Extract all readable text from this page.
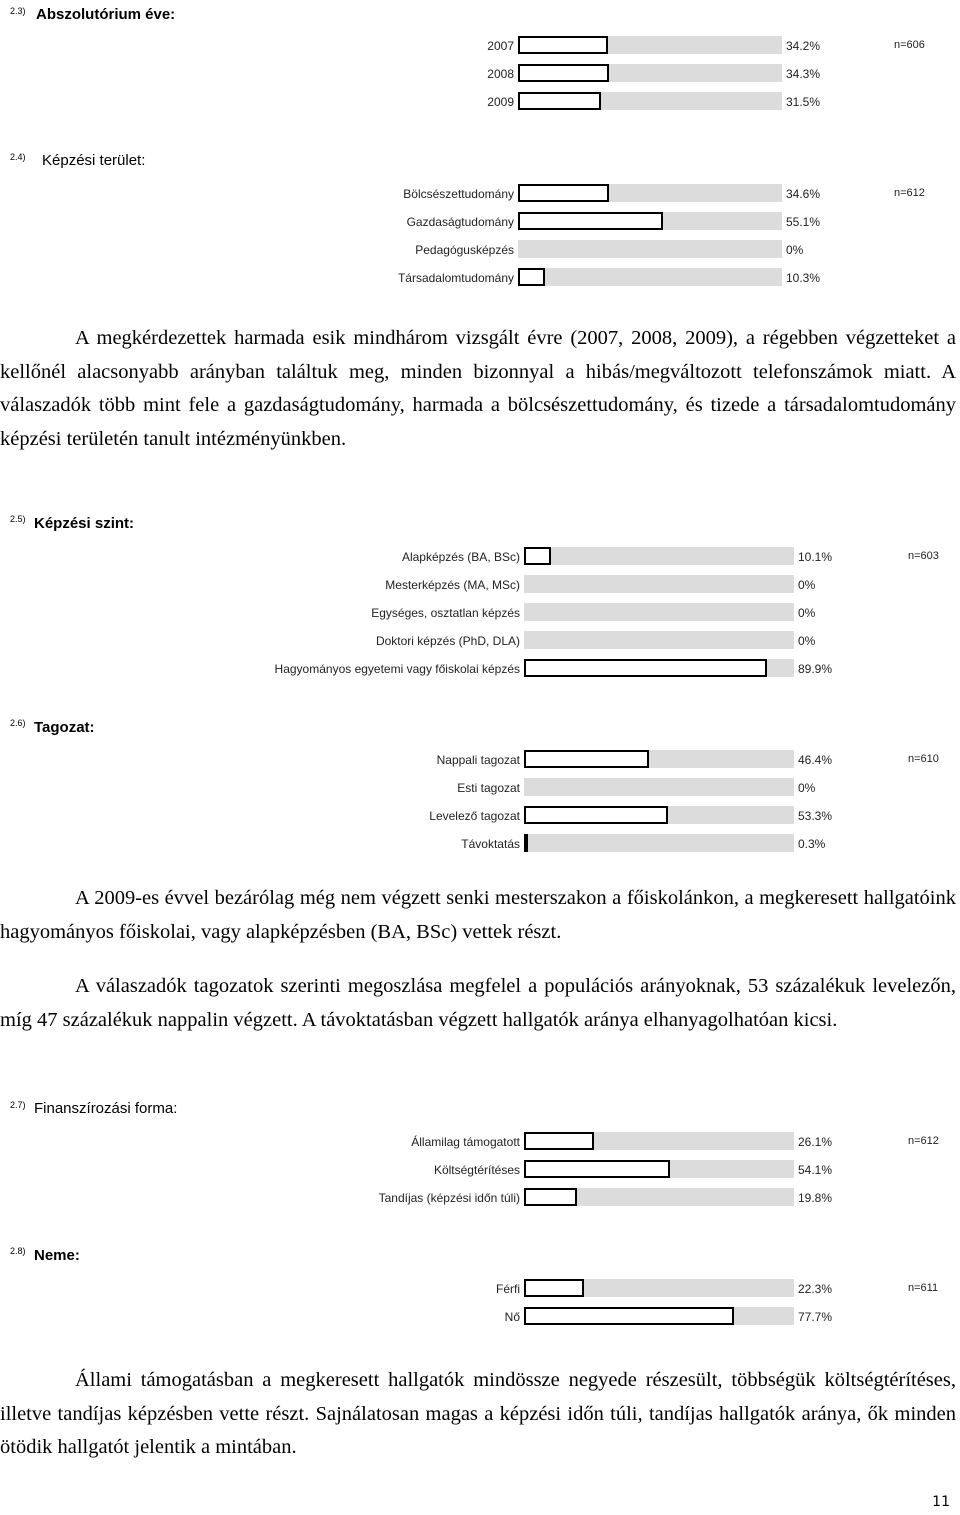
2.3) Abszolutórium éve:
2007	34.2%	n=606
2008	34.3%
2009	31.5%
2.4) Képzési terület:
Bölcsészettudomány	34.6%	n=612
Gazdaságtudomány	55.1%
Pedagógusképzés	0%
Társadalomtudomány	10.3%

A megkérdezettek harmada esik mindhárom vizsgált évre (2007, 2008, 2009), a régebben végzetteket a kellőnél alacsonyabb arányban találtuk meg, minden bizonnyal a hibás/megváltozott telefonszámok miatt. A válaszadók több mint fele a gazdaságtudomány, harmada a bölcsészettudomány, és tizede a társadalomtudomány képzési területén tanult intézményünkben.

2.5) Képzési szint:
Alapképzés (BA, BSc)	10.1%	n=603
Mesterképzés (MA, MSc)	0%
Egységes, osztatlan képzés	0%
Doktori képzés (PhD, DLA)	0%
Hagyományos egyetemi vagy főiskolai képzés	89.9%
2.6) Tagozat:
Nappali tagozat	46.4%	n=610
Esti tagozat	0%
Levelező tagozat	53.3%
Távoktatás	0.3%

A 2009-es évvel bezárólag még nem végzett senki mesterszakon a főiskolánkon, a megkeresett hallgatóink hagyományos főiskolai, vagy alapképzésben (BA, BSc) vettek részt.

A válaszadók tagozatok szerinti megoszlása megfelel a populációs arányoknak, 53 százalékuk levelezőn, míg 47 százalékuk nappalin végzett. A távoktatásban végzett hallgatók aránya elhanyagolhatóan kicsi.

2.7) Finanszírozási forma:
Államilag támogatott	26.1%	n=612
Költségtérítéses	54.1%
Tandíjas (képzési időn túli)	19.8%
2.8) Neme:
Férfi	22.3%	n=611
Nő	77.7%

Állami támogatásban a megkeresett hallgatók mindössze negyede részesült, többségük költségtérítéses, illetve tandíjas képzésben vette részt. Sajnálatosan magas a képzési időn túli, tandíjas hallgatók aránya, ők minden ötödik hallgatót jelentik a mintában.

11
